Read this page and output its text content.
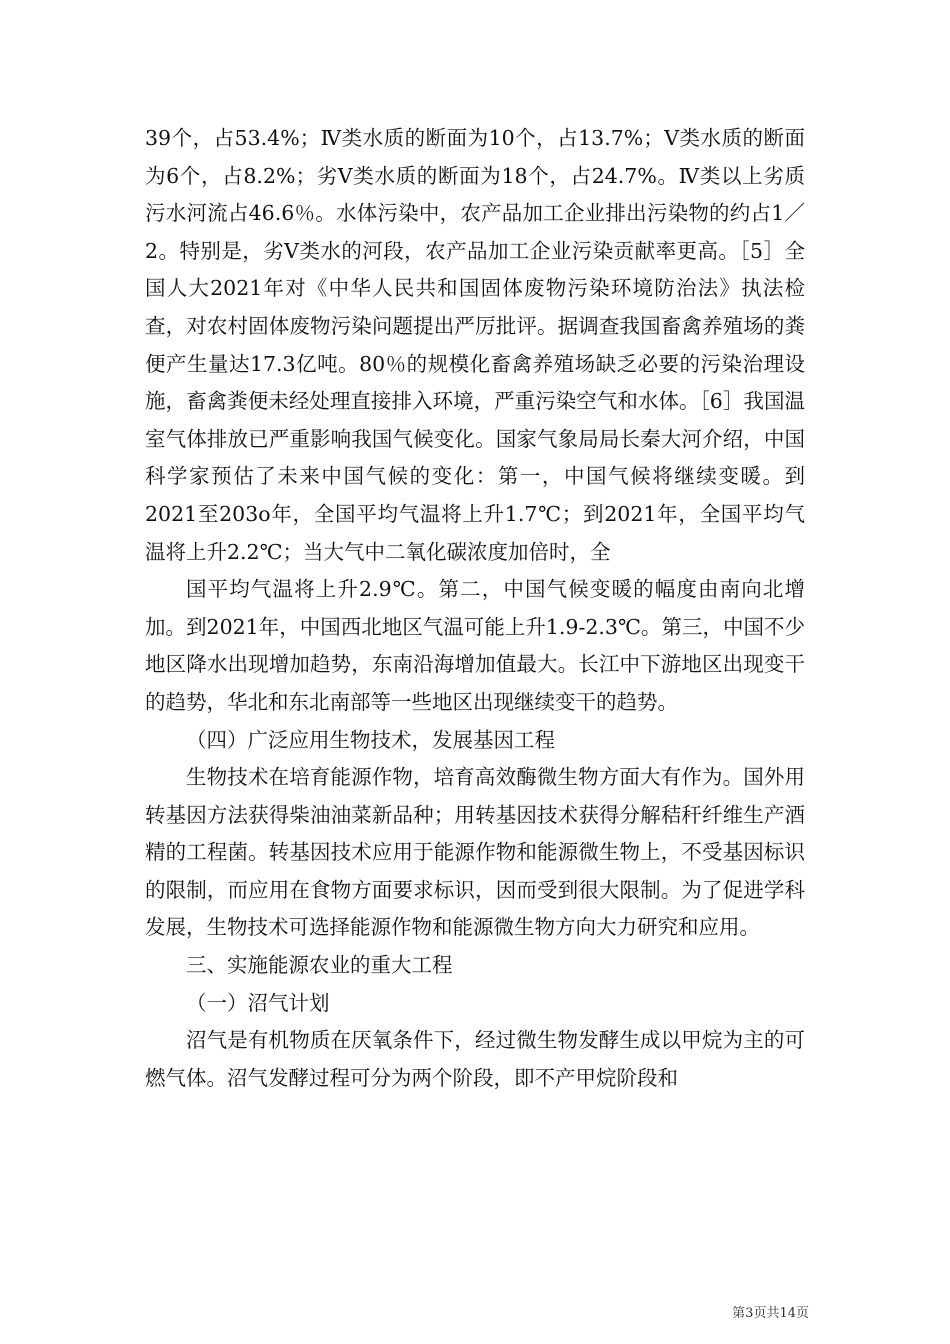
39个，占53.4%；Ⅳ类水质的断面为10个，占13.7%；Ⅴ类水质的断面为6个，占8.2%；劣Ⅴ类水质的断面为18个，占24.7%。Ⅳ类以上劣质污水河流占46.6％。水体污染中，农产品加工企业排出污染物的约占1／2。特别是，劣Ⅴ类水的河段，农产品加工企业污染贡献率更高。［5］全国人大2021年对《中华人民共和国固体废物污染环境防治法》执法检查，对农村固体废物污染问题提出严厉批评。据调查我国畜禽养殖场的粪便产生量达17.3亿吨。80％的规模化畜禽养殖场缺乏必要的污染治理设施，畜禽粪便未经处理直接排入环境，严重污染空气和水体。［6］我国温室气体排放已严重影响我国气候变化。国家气象局局长秦大河介绍，中国科学家预估了未来中国气候的变化：第一，中国气候将继续变暖。到2021至203o年，全国平均气温将上升1.7℃；到2021年，全国平均气温将上升2.2℃；当大气中二氧化碳浓度加倍时，全

国平均气温将上升2.9℃。第二，中国气候变暖的幅度由南向北增加。到2021年，中国西北地区气温可能上升1.9-2.3℃。第三，中国不少地区降水出现增加趋势，东南沿海增加值最大。长江中下游地区出现变干的趋势，华北和东北南部等一些地区出现继续变干的趋势。

（四）广泛应用生物技术，发展基因工程

生物技术在培育能源作物，培育高效酶微生物方面大有作为。国外用转基因方法获得柴油油菜新品种；用转基因技术获得分解秸秆纤维生产酒精的工程菌。转基因技术应用于能源作物和能源微生物上，不受基因标识的限制，而应用在食物方面要求标识，因而受到很大限制。为了促进学科发展，生物技术可选择能源作物和能源微生物方向大力研究和应用。

三、实施能源农业的重大工程

（一）沼气计划

沼气是有机物质在厌氧条件下，经过微生物发酵生成以甲烷为主的可燃气体。沼气发酵过程可分为两个阶段，即不产甲烷阶段和

第3页共14页
